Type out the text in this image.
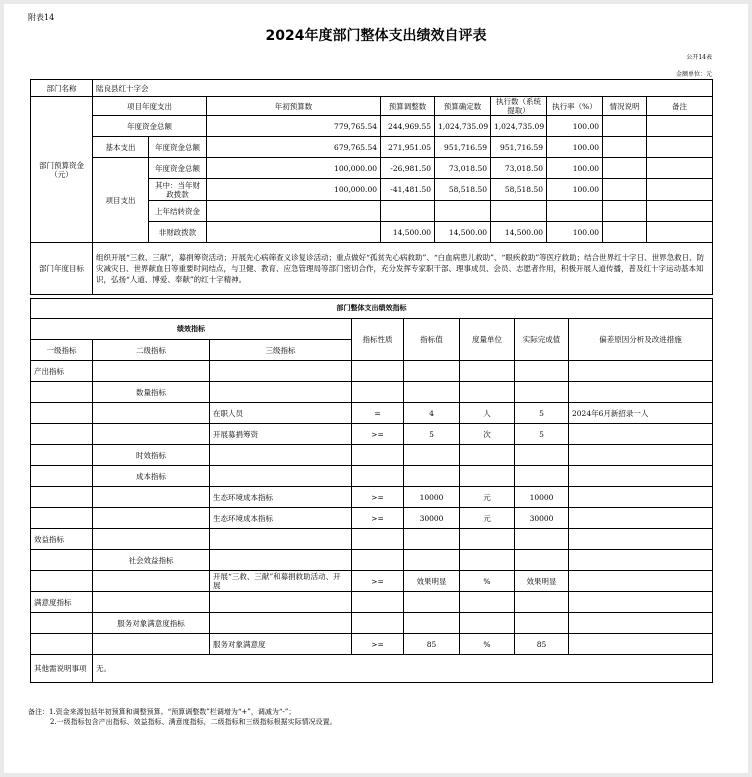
附表14
2024年度部门整体支出绩效自评表
公开14表
金额单位：元
部门名称	陆良县红十字会								
部门预算资金（元）	项目年度支出		年初预算数	预算调整数	预算确定数	执行数（系统提取）	执行率（%）	情况说明	备注
	年度资金总额		779,765.54	244,969.55	1,024,735.09	1,024,735.09	100.00		
	基本支出	年度资金总额	679,765.54	271,951.05	951,716.59	951,716.59	100.00		
	项目支出	年度资金总额	100,000.00	-26,981.50	73,018.50	73,018.50	100.00		
		其中：当年财政拨款	100,000.00	-41,481.50	58,518.50	58,518.50	100.00		
		上年结转资金							
		非财政拨款		14,500.00	14,500.00	14,500.00	100.00		
部门年度目标	组织开展“三救、三献”，募捐筹资活动；开展先心病筛查义诊复诊活动；重点做好“孤贫先心病救助”、“白血病患儿救助”、“眼疾救助”等医疗救助；结合世界红十字日、世界急救日、防灾减灾日、世界献血日等重要时间结点，与卫健、教育、应急管理局等部门密切合作，充分发挥专家职干部、理事成员、会员、志愿者作用，积极开展人道传播，普及红十字运动基本知识，弘扬“人道、博爱、奉献”的红十字精神。								
部门整体支出绩效指标							
绩效指标			指标性质	指标值	度量单位	实际完成值	偏差原因分析及改进措施
一级指标	二级指标	三级指标					
产出指标							
	数量指标						
		在职人员	=	4	人	5	2024年6月新招录一人
		开展募捐筹资	>=	5	次	5	
	时效指标						
	成本指标						
		生态环境成本指标	>=	10000	元	10000	
		生态环境成本指标	>=	30000	元	30000	
效益指标							
	社会效益指标						
		开展“三救、三献”和募捐救助活动、开展	>=	效果明显	%	效果明显	
满意度指标							
	服务对象满意度指标						
		服务对象满意度	>=	85	%	85	
其他需说明事项	无。						
备注：1.资金来源包括年初预算和调整预算。“预算调整数”栏调增为“+”，调减为“-”；
2.一级指标包含产出指标、效益指标、满意度指标，二级指标和三级指标根据实际情况设置。
